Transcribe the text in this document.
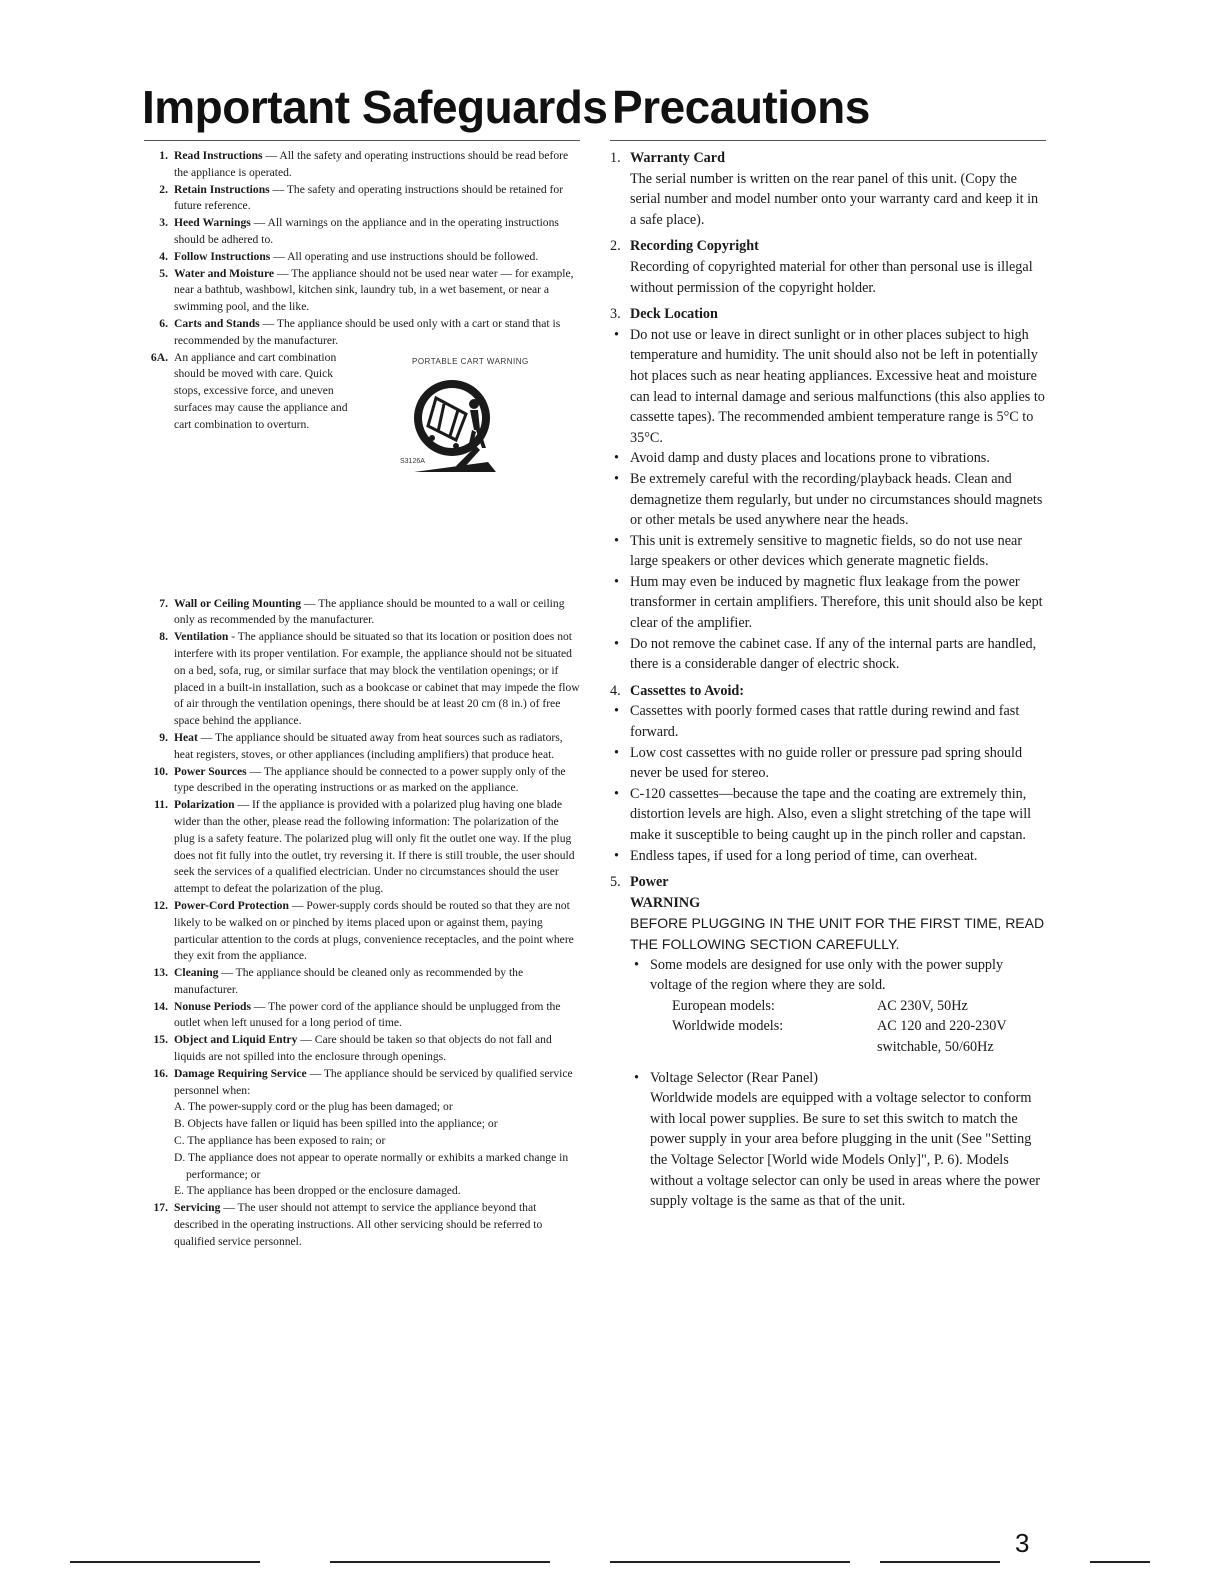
Important Safeguards Precautions
1. Read Instructions — All the safety and operating instructions should be read before the appliance is operated.
2. Retain Instructions — The safety and operating instructions should be retained for future reference.
3. Heed Warnings — All warnings on the appliance and in the operating instructions should be adhered to.
4. Follow Instructions — All operating and use instructions should be followed.
5. Water and Moisture — The appliance should not be used near water — for example, near a bathtub, washbowl, kitchen sink, laundry tub, in a wet basement, or near a swimming pool, and the like.
6. Carts and Stands — The appliance should be used only with a cart or stand that is recommended by the manufacturer.
6A. An appliance and cart combination should be moved with care. Quick stops, excessive force, and uneven surfaces may cause the appliance and cart combination to overturn.
PORTABLE CART WARNING
S3126A
7. Wall or Ceiling Mounting — The appliance should be mounted to a wall or ceiling only as recommended by the manufacturer.
8. Ventilation - The appliance should be situated so that its location or position does not interfere with its proper ventilation. For example, the appliance should not be situated on a bed, sofa, rug, or similar surface that may block the ventilation openings; or if placed in a built-in installation, such as a bookcase or cabinet that may impede the flow of air through the ventilation openings, there should be at least 20 cm (8 in.) of free space behind the appliance.
9. Heat — The appliance should be situated away from heat sources such as radiators, heat registers, stoves, or other appliances (including amplifiers) that produce heat.
10. Power Sources — The appliance should be connected to a power supply only of the type described in the operating instructions or as marked on the appliance.
11. Polarization — If the appliance is provided with a polarized plug having one blade wider than the other, please read the following information: The polarization of the plug is a safety feature. The polarized plug will only fit the outlet one way. If the plug does not fit fully into the outlet, try reversing it. If there is still trouble, the user should seek the services of a qualified electrician. Under no circumstances should the user attempt to defeat the polarization of the plug.
12. Power-Cord Protection — Power-supply cords should be routed so that they are not likely to be walked on or pinched by items placed upon or against them, paying particular attention to the cords at plugs, convenience receptacles, and the point where they exit from the appliance.
13. Cleaning — The appliance should be cleaned only as recommended by the manufacturer.
14. Nonuse Periods — The power cord of the appliance should be unplugged from the outlet when left unused for a long period of time.
15. Object and Liquid Entry — Care should be taken so that objects do not fall and liquids are not spilled into the enclosure through openings.
16. Damage Requiring Service — The appliance should be serviced by qualified service personnel when:
A. The power-supply cord or the plug has been damaged; or
B. Objects have fallen or liquid has been spilled into the appliance; or
C. The appliance has been exposed to rain; or
D. The appliance does not appear to operate normally or exhibits a marked change in performance; or
E. The appliance has been dropped or the enclosure damaged.
17. Servicing — The user should not attempt to service the appliance beyond that described in the operating instructions. All other servicing should be referred to qualified service personnel.
1. Warranty Card
The serial number is written on the rear panel of this unit. (Copy the serial number and model number onto your warranty card and keep it in a safe place).
2. Recording Copyright
Recording of copyrighted material for other than personal use is illegal without permission of the copyright holder.
3. Deck Location
• Do not use or leave in direct sunlight or in other places subject to high temperature and humidity. The unit should also not be left in potentially hot places such as near heating appliances. Excessive heat and moisture can lead to internal damage and serious malfunctions (this also applies to cassette tapes). The recommended ambient temperature range is 5°C to 35°C.
• Avoid damp and dusty places and locations prone to vibrations.
• Be extremely careful with the recording/playback heads. Clean and demagnetize them regularly, but under no circumstances should magnets or other metals be used anywhere near the heads.
• This unit is extremely sensitive to magnetic fields, so do not use near large speakers or other devices which generate magnetic fields.
• Hum may even be induced by magnetic flux leakage from the power transformer in certain amplifiers. Therefore, this unit should also be kept clear of the amplifier.
• Do not remove the cabinet case. If any of the internal parts are handled, there is a considerable danger of electric shock.
4. Cassettes to Avoid:
• Cassettes with poorly formed cases that rattle during rewind and fast forward.
• Low cost cassettes with no guide roller or pressure pad spring should never be used for stereo.
• C-120 cassettes—because the tape and the coating are extremely thin, distortion levels are high. Also, even a slight stretching of the tape will make it susceptible to being caught up in the pinch roller and capstan.
• Endless tapes, if used for a long period of time, can overheat.
5. Power
WARNING
BEFORE PLUGGING IN THE UNIT FOR THE FIRST TIME, READ THE FOLLOWING SECTION CAREFULLY.
• Some models are designed for use only with the power supply voltage of the region where they are sold.
European models:	AC 230V, 50Hz
Worldwide models:	AC 120 and 220-230V switchable, 50/60Hz
• Voltage Selector (Rear Panel)
Worldwide models are equipped with a voltage selector to conform with local power supplies. Be sure to set this switch to match the power supply in your area before plugging in the unit (See "Setting the Voltage Selector [World wide Models Only]", P. 6). Models without a voltage selector can only be used in areas where the power supply voltage is the same as that of the unit.
3
